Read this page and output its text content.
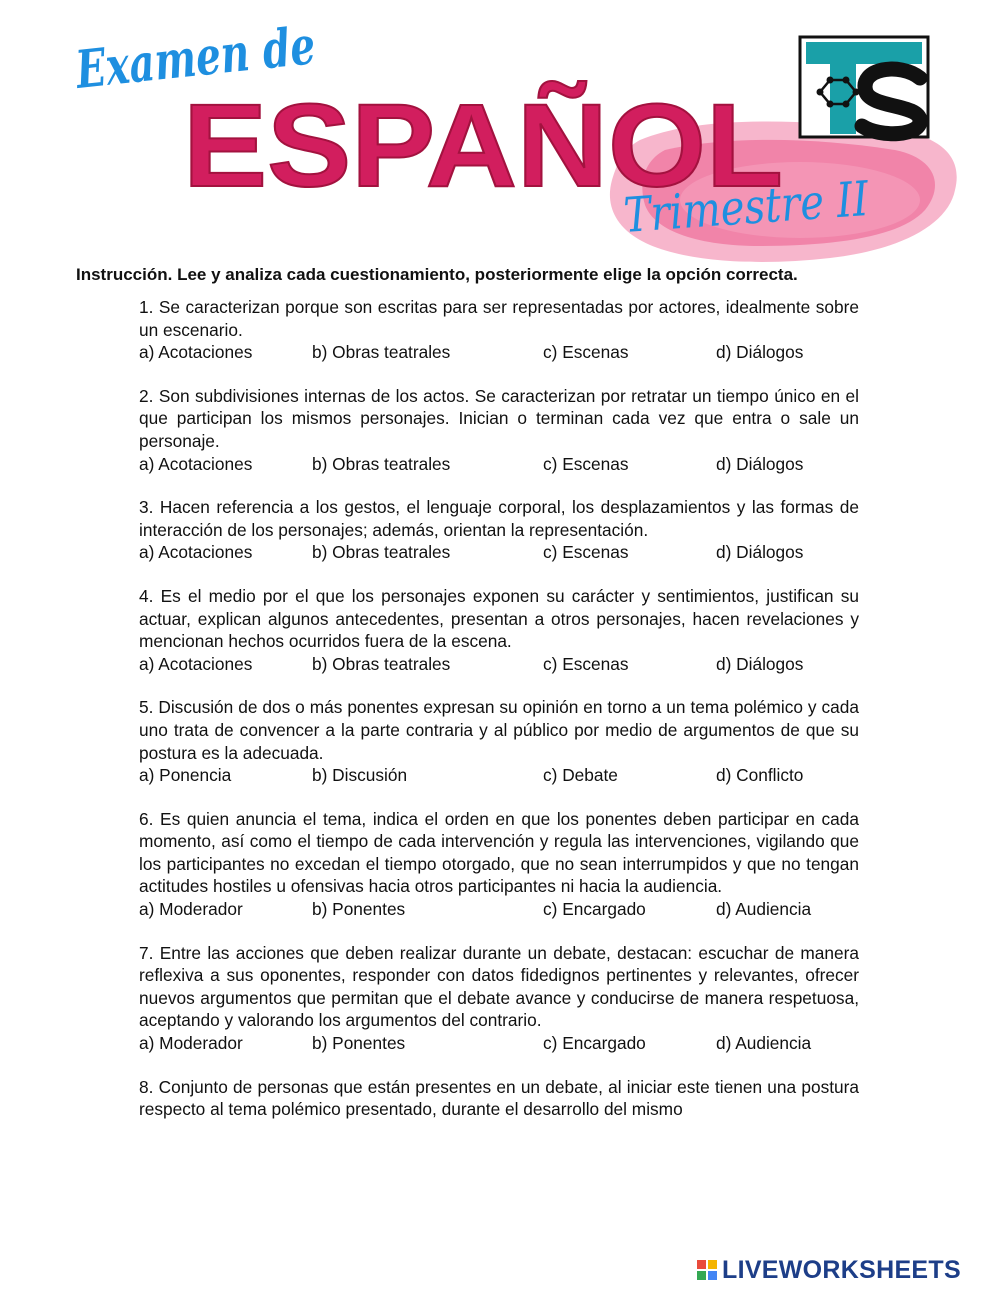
Examen de
ESPAÑOL
Trimestre II
Instrucción. Lee y analiza cada cuestionamiento, posteriormente elige la opción correcta.

1. Se caracterizan porque son escritas para ser representadas por actores, idealmente sobre un escenario.

a) Acotaciones	b) Obras teatrales	c) Escenas	d) Diálogos

2. Son subdivisiones internas de los actos. Se caracterizan por retratar un tiempo único en el que participan los mismos personajes. Inician o terminan cada vez que entra o sale un personaje.

a) Acotaciones	b) Obras teatrales	c) Escenas	d) Diálogos

3. Hacen referencia a los gestos, el lenguaje corporal, los desplazamientos y las formas de interacción de los personajes; además, orientan la representación.

a) Acotaciones	b) Obras teatrales	c) Escenas	d) Diálogos

4. Es el medio por el que los personajes exponen su carácter y sentimientos, justifican su actuar, explican algunos antecedentes, presentan a otros personajes, hacen revelaciones y mencionan hechos ocurridos fuera de la escena.

a) Acotaciones	b) Obras teatrales	c) Escenas	d) Diálogos

5. Discusión de dos o más ponentes expresan su opinión en torno a un tema polémico y cada uno trata de convencer a la parte contraria y al público por medio de argumentos de que su postura es la adecuada.

a) Ponencia	b) Discusión	c) Debate	d) Conflicto

6. Es quien anuncia el tema, indica el orden en que los ponentes deben participar en cada momento, así como el tiempo de cada intervención y regula las intervenciones, vigilando que los participantes no excedan el tiempo otorgado, que no sean interrumpidos y que no tengan actitudes hostiles u ofensivas hacia otros participantes ni hacia la audiencia.

a) Moderador	b) Ponentes	c) Encargado	d) Audiencia

7. Entre las acciones que deben realizar durante un debate, destacan: escuchar de manera reflexiva a sus oponentes, responder con datos fidedignos pertinentes y relevantes, ofrecer nuevos argumentos que permitan que el debate avance y conducirse de manera respetuosa, aceptando y valorando los argumentos del contrario.

a) Moderador	b) Ponentes	c) Encargado	d) Audiencia

8. Conjunto de personas que están presentes en un debate, al iniciar este tienen una postura respecto al tema polémico presentado, durante el desarrollo del mismo

LIVEWORKSHEETS
